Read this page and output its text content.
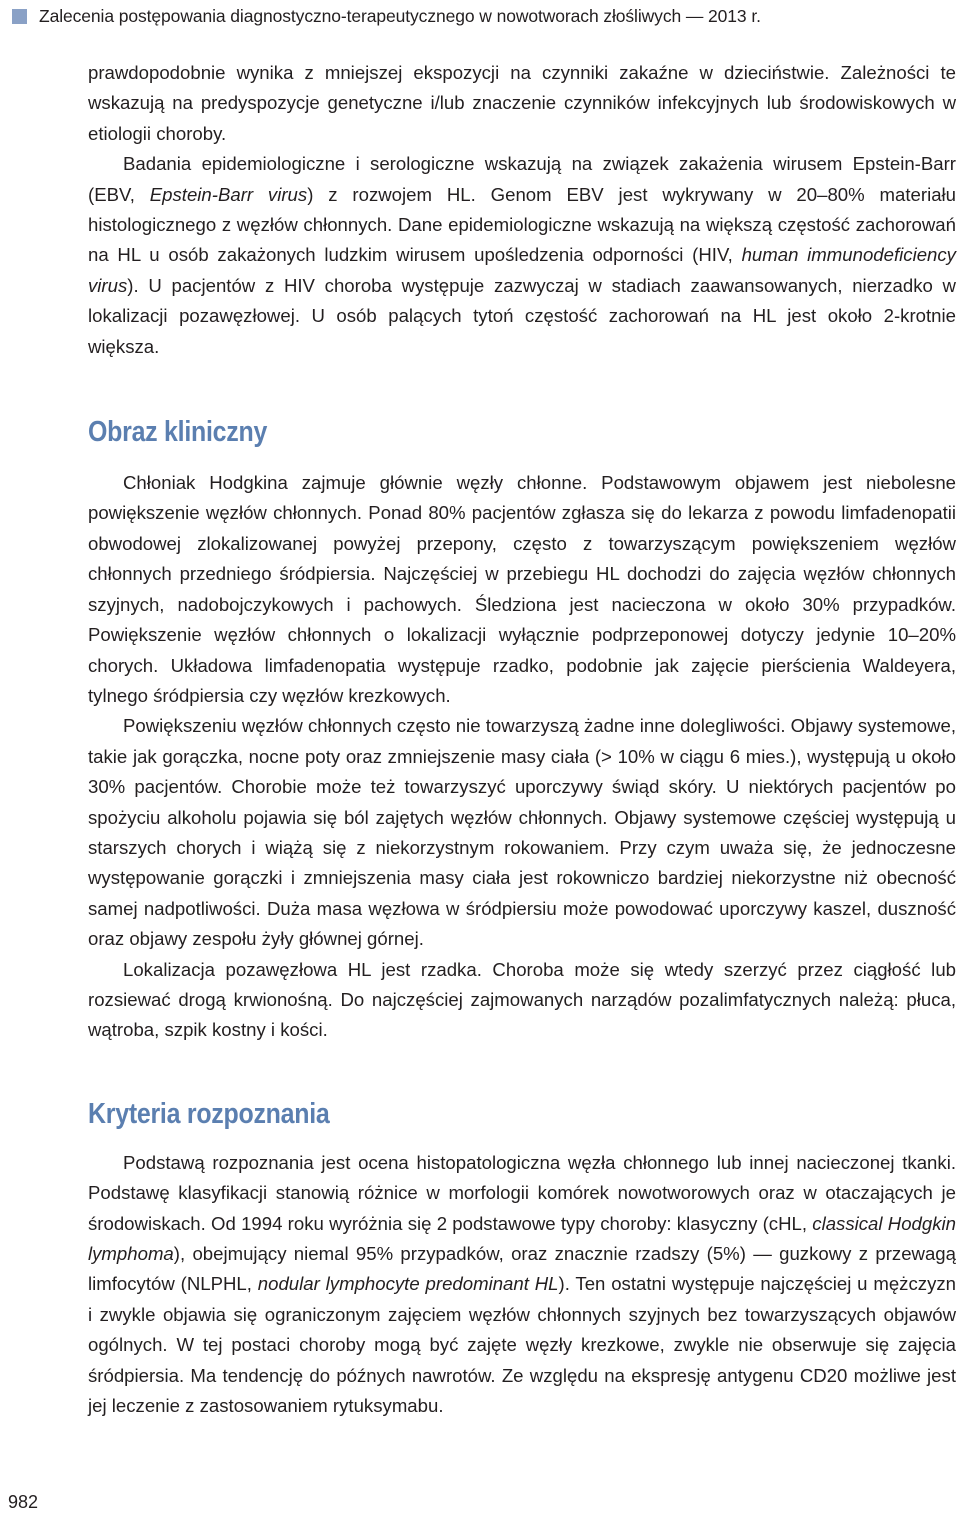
Zalecenia postępowania diagnostyczno-terapeutycznego w nowotworach złośliwych — 2013 r.

prawdopodobnie wynika z mniejszej ekspozycji na czynniki zakaźne w dzieciństwie. Zależności te wskazują na predyspozycje genetyczne i/lub znaczenie czynników infekcyjnych lub środowiskowych w etiologii choroby.

Badania epidemiologiczne i serologiczne wskazują na związek zakażenia wirusem Epstein-Barr (EBV, Epstein-Barr virus) z rozwojem HL. Genom EBV jest wykrywany w 20–80% materiału histologicznego z węzłów chłonnych. Dane epidemiologiczne wskazują na większą częstość zachorowań na HL u osób zakażonych ludzkim wirusem upośledzenia odporności (HIV, human immunodeficiency virus). U pacjentów z HIV choroba występuje zazwyczaj w stadiach zaawansowanych, nierzadko w lokalizacji pozawęzłowej. U osób palących tytoń częstość zachorowań na HL jest około 2-krotnie większa.

Obraz kliniczny

Chłoniak Hodgkina zajmuje głównie węzły chłonne. Podstawowym objawem jest niebolesne powiększenie węzłów chłonnych. Ponad 80% pacjentów zgłasza się do lekarza z powodu limfadenopatii obwodowej zlokalizowanej powyżej przepony, często z towarzyszącym powiększeniem węzłów chłonnych przedniego śródpiersia. Najczęściej w przebiegu HL dochodzi do zajęcia węzłów chłonnych szyjnych, nadobojczykowych i pachowych. Śledziona jest nacieczona w około 30% przypadków. Powiększenie węzłów chłonnych o lokalizacji wyłącznie podprzeponowej dotyczy jedynie 10–20% chorych. Układowa limfadenopatia występuje rzadko, podobnie jak zajęcie pierścienia Waldeyera, tylnego śródpiersia czy węzłów krezkowych.

Powiększeniu węzłów chłonnych często nie towarzyszą żadne inne dolegliwości. Objawy systemowe, takie jak gorączka, nocne poty oraz zmniejszenie masy ciała (> 10% w ciągu 6 mies.), występują u około 30% pacjentów. Chorobie może też towarzyszyć uporczywy świąd skóry. U niektórych pacjentów po spożyciu alkoholu pojawia się ból zajętych węzłów chłonnych. Objawy systemowe częściej występują u starszych chorych i wiążą się z niekorzystnym rokowaniem. Przy czym uważa się, że jednoczesne występowanie gorączki i zmniejszenia masy ciała jest rokowniczo bardziej niekorzystne niż obecność samej nadpotliwości. Duża masa węzłowa w śródpiersiu może powodować uporczywy kaszel, duszność oraz objawy zespołu żyły głównej górnej.

Lokalizacja pozawęzłowa HL jest rzadka. Choroba może się wtedy szerzyć przez ciągłość lub rozsiewać drogą krwionośną. Do najczęściej zajmowanych narządów pozalimfatycznych należą: płuca, wątroba, szpik kostny i kości.

Kryteria rozpoznania

Podstawą rozpoznania jest ocena histopatologiczna węzła chłonnego lub innej nacieczonej tkanki. Podstawę klasyfikacji stanowią różnice w morfologii komórek nowotworowych oraz w otaczających je środowiskach. Od 1994 roku wyróżnia się 2 podstawowe typy choroby: klasyczny (cHL, classical Hodgkin lymphoma), obejmujący niemal 95% przypadków, oraz znacznie rzadszy (5%) — guzkowy z przewagą limfocytów (NLPHL, nodular lymphocyte predominant HL). Ten ostatni występuje najczęściej u mężczyzn i zwykle objawia się ograniczonym zajęciem węzłów chłonnych szyjnych bez towarzyszących objawów ogólnych. W tej postaci choroby mogą być zajęte węzły krezkowe, zwykle nie obserwuje się zajęcia śródpiersia. Ma tendencję do późnych nawrotów. Ze względu na ekspresję antygenu CD20 możliwe jest jej leczenie z zastosowaniem rytuksymabu.

982
